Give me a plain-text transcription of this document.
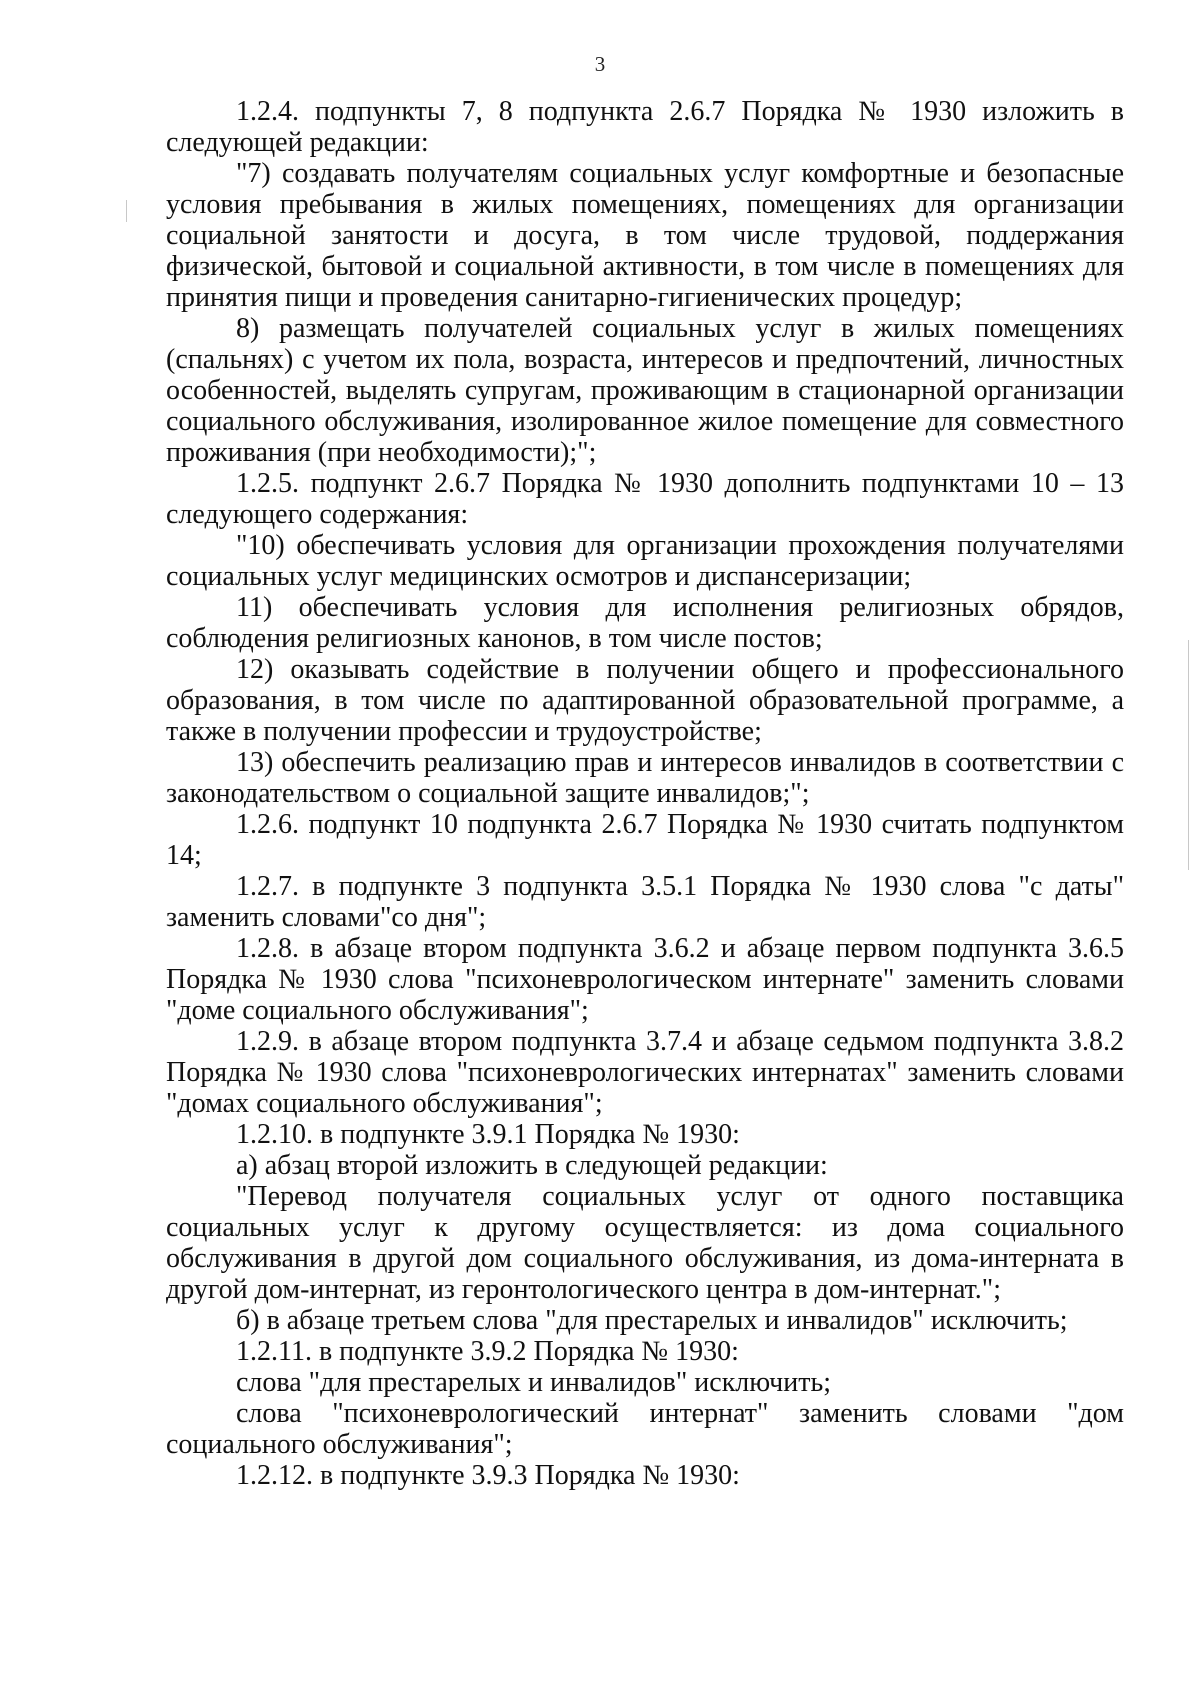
3

1.2.4. подпункты 7, 8 подпункта 2.6.7 Порядка № 1930 изложить в следующей редакции:

"7) создавать получателям социальных услуг комфортные и безопасные условия пребывания в жилых помещениях, помещениях для организации социальной занятости и досуга, в том числе трудовой, поддержания физической, бытовой и социальной активности, в том числе в помещениях для принятия пищи и проведения санитарно-гигиенических процедур;

8) размещать получателей социальных услуг в жилых помещениях (спальнях) с учетом их пола, возраста, интересов и предпочтений, личностных особенностей, выделять супругам, проживающим в стационарной организации социального обслуживания, изолированное жилое помещение для совместного проживания (при необходимости);";

1.2.5. подпункт 2.6.7 Порядка № 1930 дополнить подпунктами 10 – 13 следующего содержания:

"10) обеспечивать условия для организации прохождения получателями социальных услуг медицинских осмотров и диспансеризации;

11) обеспечивать условия для исполнения религиозных обрядов, соблюдения религиозных канонов, в том числе постов;

12) оказывать содействие в получении общего и профессионального образования, в том числе по адаптированной образовательной программе, а также в получении профессии и трудоустройстве;

13) обеспечить реализацию прав и интересов инвалидов в соответствии с законодательством о социальной защите инвалидов;";

1.2.6. подпункт 10 подпункта 2.6.7 Порядка № 1930 считать подпунктом 14;

1.2.7. в подпункте 3 подпункта 3.5.1 Порядка № 1930 слова "с даты" заменить словами"со дня";

1.2.8. в абзаце втором подпункта 3.6.2 и абзаце первом подпункта 3.6.5 Порядка № 1930 слова "психоневрологическом интернате" заменить словами "доме социального обслуживания";

1.2.9. в абзаце втором подпункта 3.7.4 и абзаце седьмом подпункта 3.8.2 Порядка № 1930 слова "психоневрологических интернатах" заменить словами "домах социального обслуживания";

1.2.10. в подпункте 3.9.1 Порядка № 1930:

а) абзац второй изложить в следующей редакции:

"Перевод получателя социальных услуг от одного поставщика социальных услуг к другому осуществляется: из дома социального обслуживания в другой дом социального обслуживания, из дома-интерната в другой дом-интернат, из геронтологического центра в дом-интернат.";

б) в абзаце третьем слова "для престарелых и инвалидов" исключить;

1.2.11. в подпункте 3.9.2 Порядка № 1930:

слова "для престарелых и инвалидов" исключить;

слова "психоневрологический интернат" заменить словами "дом социального обслуживания";

1.2.12. в подпункте 3.9.3 Порядка № 1930:
